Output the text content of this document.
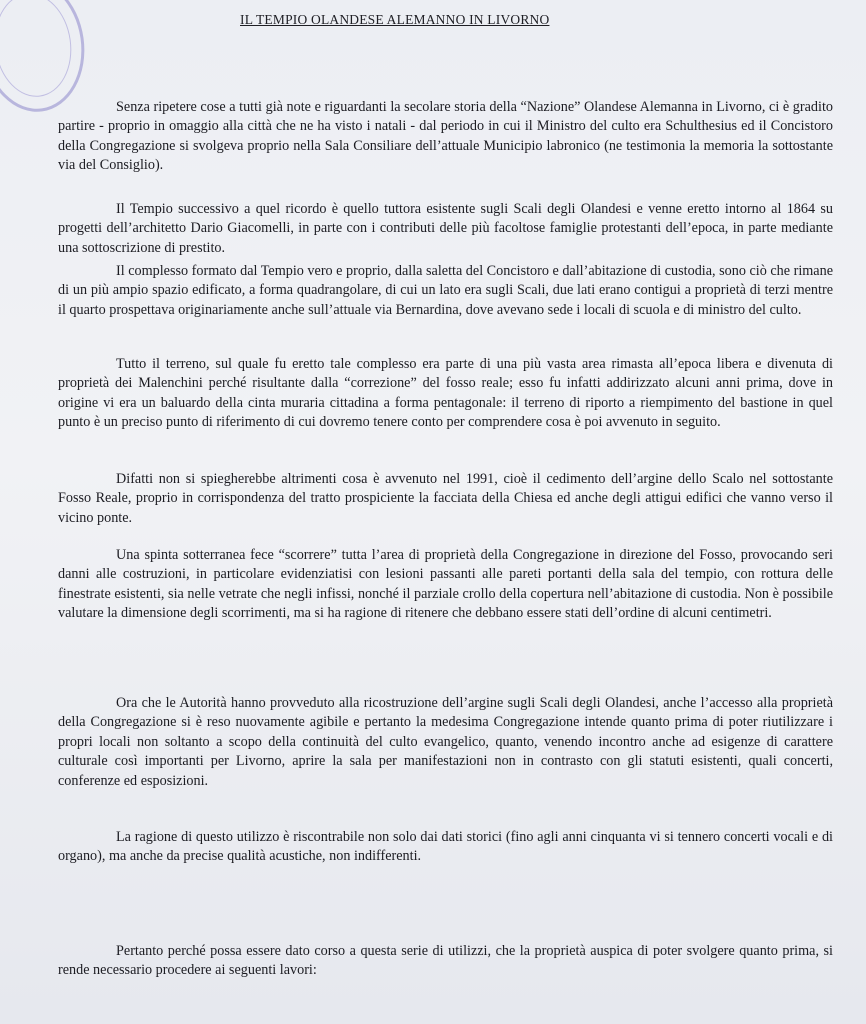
IL TEMPIO OLANDESE ALEMANNO IN LIVORNO

Senza ripetere cose a tutti già note e riguardanti la secolare storia della “Nazione” Olandese Alemanna in Livorno, ci è gradito partire - proprio in omaggio alla città che ne ha visto i natali - dal periodo in cui il Ministro del culto era Schulthesius ed il Concistoro della Congregazione si svolgeva proprio nella Sala Consiliare dell’attuale Municipio labronico (ne testimonia la memoria la sottostante via del Consiglio).

Il Tempio successivo a quel ricordo è quello tuttora esistente sugli Scali degli Olandesi e venne eretto intorno al 1864 su progetti dell’architetto Dario Giacomelli, in parte con i contributi delle più facoltose famiglie protestanti dell’epoca, in parte mediante una sottoscrizione di prestito.

Il complesso formato dal Tempio vero e proprio, dalla saletta del Concistoro e dall’abitazione di custodia, sono ciò che rimane di un più ampio spazio edificato, a forma quadrangolare, di cui un lato era sugli Scali, due lati erano contigui a proprietà di terzi mentre il quarto prospettava originariamente anche sull’attuale via Bernardina, dove avevano sede i locali di scuola e di ministro del culto.

Tutto il terreno, sul quale fu eretto tale complesso era parte di una più vasta area rimasta all’epoca libera e divenuta di proprietà dei Malenchini perché risultante dalla “correzione” del fosso reale; esso fu infatti addirizzato alcuni anni prima, dove in origine vi era un baluardo della cinta muraria cittadina a forma pentagonale: il terreno di riporto a riempimento del bastione in quel punto è un preciso punto di riferimento di cui dovremo tenere conto per comprendere cosa è poi avvenuto in seguito.

Difatti non si spiegherebbe altrimenti cosa è avvenuto nel 1991, cioè il cedimento dell’argine dello Scalo nel sottostante Fosso Reale, proprio in corrispondenza del tratto prospiciente la facciata della Chiesa ed anche degli attigui edifici che vanno verso il vicino ponte.

Una spinta sotterranea fece “scorrere” tutta l’area di proprietà della Congregazione in direzione del Fosso, provocando seri danni alle costruzioni, in particolare evidenziatisi con lesioni passanti alle pareti portanti della sala del tempio, con rottura delle finestrate esistenti, sia nelle vetrate che negli infissi, nonché il parziale crollo della copertura nell’abitazione di custodia. Non è possibile valutare la dimensione degli scorrimenti, ma si ha ragione di ritenere che debbano essere stati dell’ordine di alcuni centimetri.

Ora che le Autorità hanno provveduto alla ricostruzione dell’argine sugli Scali degli Olandesi, anche l’accesso alla proprietà della Congregazione si è reso nuovamente agibile e pertanto la medesima Congregazione intende quanto prima di poter riutilizzare i propri locali non soltanto a scopo della continuità del culto evangelico, quanto, venendo incontro anche ad esigenze di carattere culturale così importanti per Livorno, aprire la sala per manifestazioni non in contrasto con gli statuti esistenti, quali concerti, conferenze ed esposizioni.

La ragione di questo utilizzo è riscontrabile non solo dai dati storici (fino agli anni cinquanta vi si tennero concerti vocali e di organo), ma anche da precise qualità acustiche, non indifferenti.

Pertanto perché possa essere dato corso a questa serie di utilizzi, che la proprietà auspica di poter svolgere quanto prima, si rende necessario procedere ai seguenti lavori:
